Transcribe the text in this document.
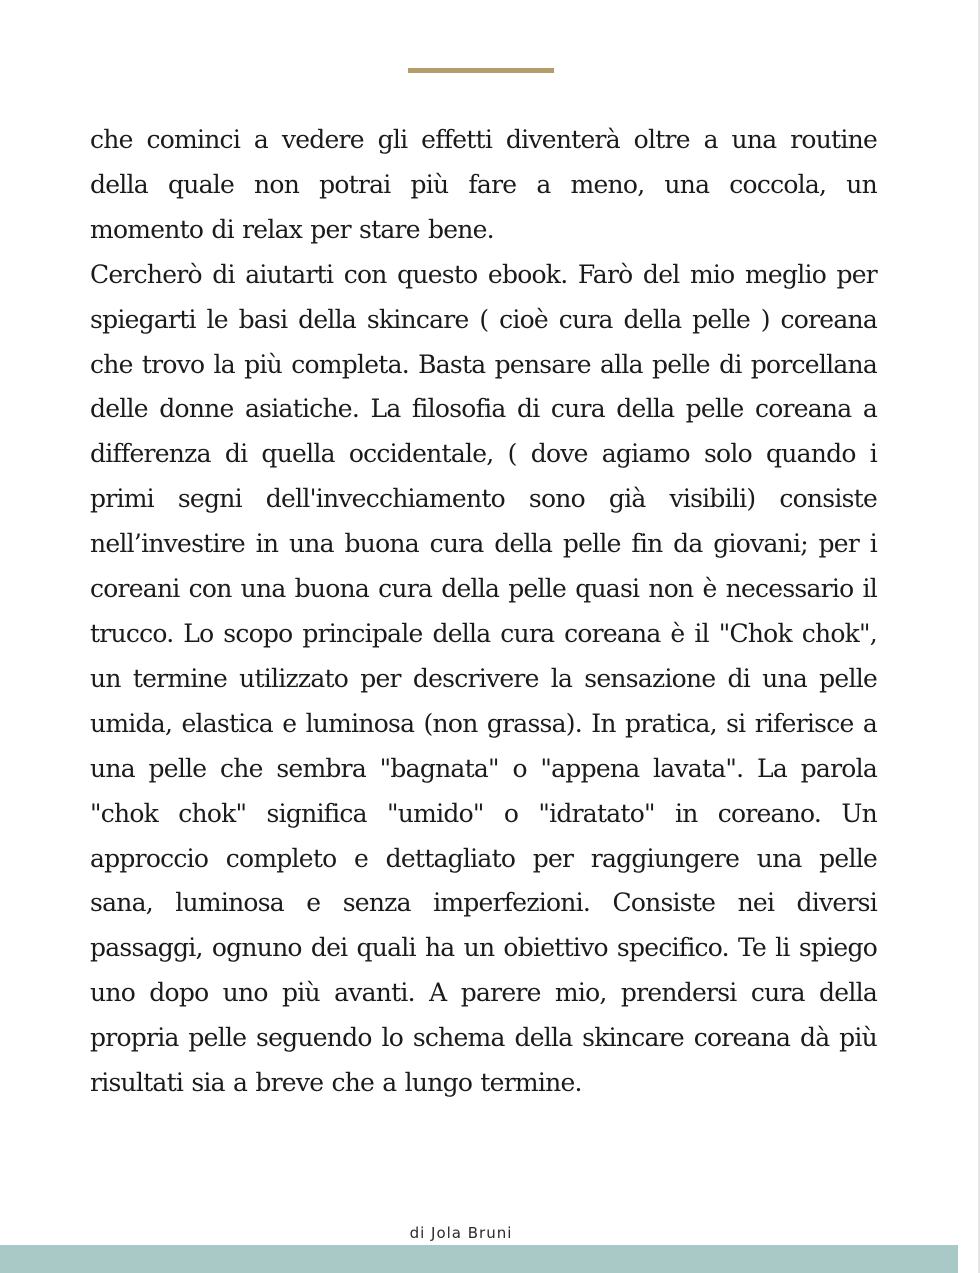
che cominci a vedere gli effetti diventerà oltre a una routine della quale non potrai più fare a meno, una coccola, un momento di relax per stare bene.

Cercherò di aiutarti con questo ebook. Farò del mio meglio per spiegarti le basi della skincare ( cioè cura della pelle ) coreana che trovo la più completa. Basta pensare alla pelle di porcellana delle donne asiatiche. La filosofia di cura della pelle coreana a differenza di quella occidentale, ( dove agiamo solo quando i primi segni dell'invecchiamento sono già visibili) consiste nell’investire in una buona cura della pelle fin da giovani; per i coreani con una buona cura della pelle quasi non è necessario il trucco. Lo scopo principale della cura coreana è il "Chok chok", un termine utilizzato per descrivere la sensazione di una pelle umida, elastica e luminosa (non grassa). In pratica, si riferisce a una pelle che sembra "bagnata" o "appena lavata". La parola "chok chok" significa "umido" o "idratato" in coreano. Un approccio completo e dettagliato per raggiungere una pelle sana, luminosa e senza imperfezioni. Consiste nei diversi passaggi, ognuno dei quali ha un obiettivo specifico. Te li spiego uno dopo uno più avanti. A parere mio, prendersi cura della propria pelle seguendo lo schema della skincare coreana dà più risultati sia a breve che a lungo termine.

di Jola Bruni
